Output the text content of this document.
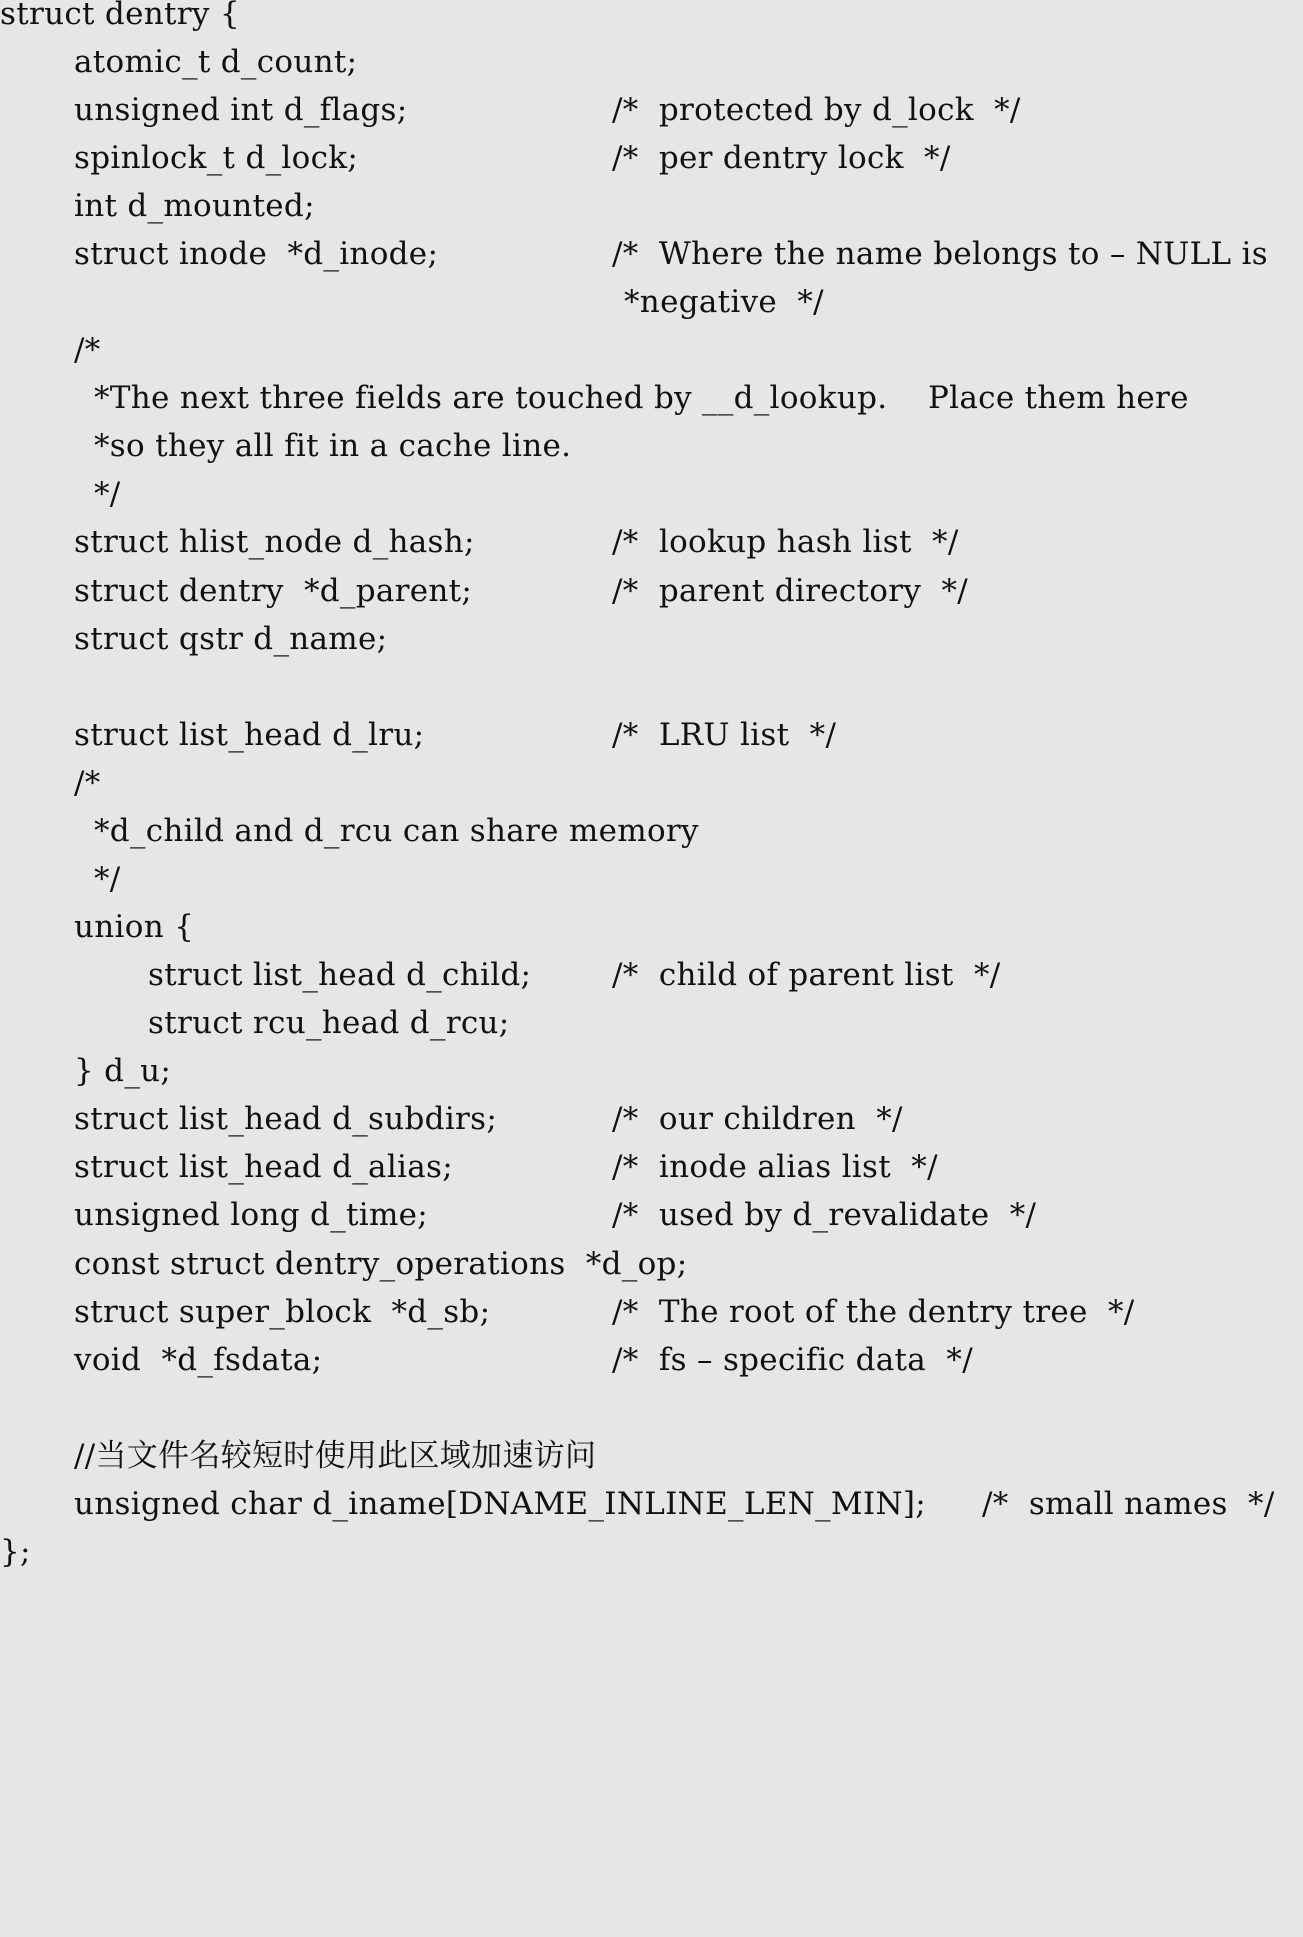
struct dentry {
atomic_t d_count;
unsigned int d_flags;	/*  protected by d_lock  */
spinlock_t d_lock;	/*  per dentry lock  */
int d_mounted;
struct inode  *d_inode;	/*  Where the name belongs to – NULL is
*negative  */
/*
*The next three fields are touched by __d_lookup.    Place them here
*so they all fit in a cache line.
*/
struct hlist_node d_hash;	/*  lookup hash list  */
struct dentry  *d_parent;	/*  parent directory  */
struct qstr d_name;
struct list_head d_lru;	/*  LRU list  */
/*
*d_child and d_rcu can share memory
*/
union {
struct list_head d_child;	/*  child of parent list  */
struct rcu_head d_rcu;
} d_u;
struct list_head d_subdirs;	/*  our children  */
struct list_head d_alias;	/*  inode alias list  */
unsigned long d_time;	/*  used by d_revalidate  */
const struct dentry_operations  *d_op;
struct super_block  *d_sb;	/*  The root of the dentry tree  */
void  *d_fsdata;	/*  fs – specific data  */
//当文件名较短时使用此区域加速访问
unsigned char d_iname[DNAME_INLINE_LEN_MIN]; /*  small names  */
};
